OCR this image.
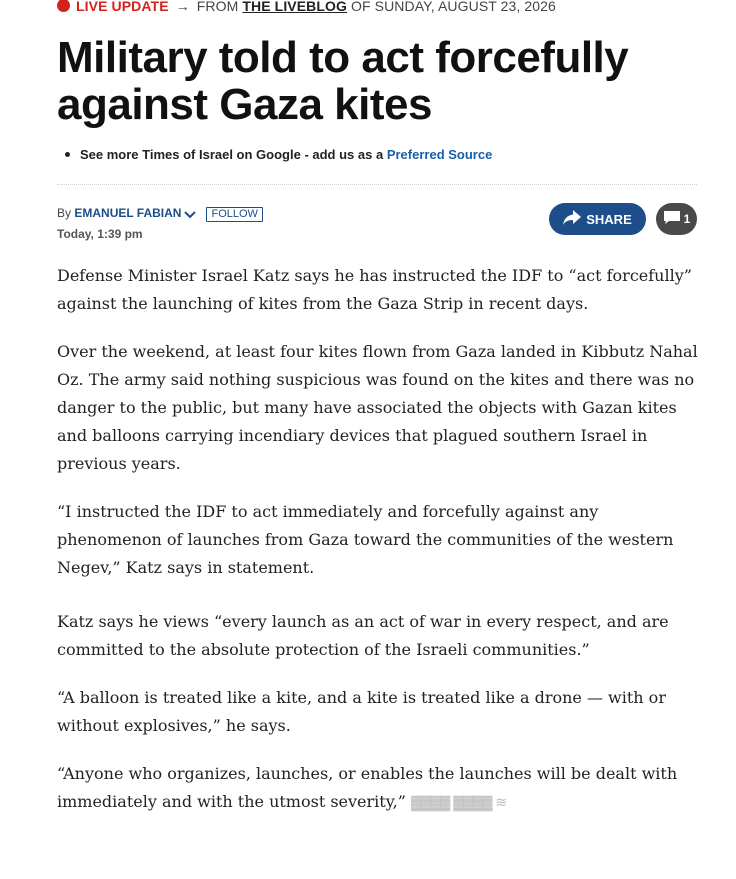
LIVE UPDATE → FROM THE LIVEBLOG OF SUNDAY, AUGUST 23, 2026
Military told to act forcefully against Gaza kites
See more Times of Israel on Google - add us as a Preferred Source
By EMANUEL FABIAN	FOLLOW
Today, 1:39 pm
SHARE	1

Defense Minister Israel Katz says he has instructed the IDF to “act forcefully” against the launching of kites from the Gaza Strip in recent days.

Over the weekend, at least four kites flown from Gaza landed in Kibbutz Nahal Oz. The army said nothing suspicious was found on the kites and there was no danger to the public, but many have associated the objects with Gazan kites and balloons carrying incendiary devices that plagued southern Israel in previous years.

“I instructed the IDF to act immediately and forcefully against any phenomenon of launches from Gaza toward the communities of the western Negev,” Katz says in statement.

Katz says he views “every launch as an act of war in every respect, and are committed to the absolute protection of the Israeli communities.”

“A balloon is treated like a kite, and a kite is treated like a drone — with or without explosives,” he says.

“Anyone who organizes, launches, or enables the launches will be dealt with immediately and with the utmost severity,” ▓▓▓▓ ▓▓▓▓ ≋
